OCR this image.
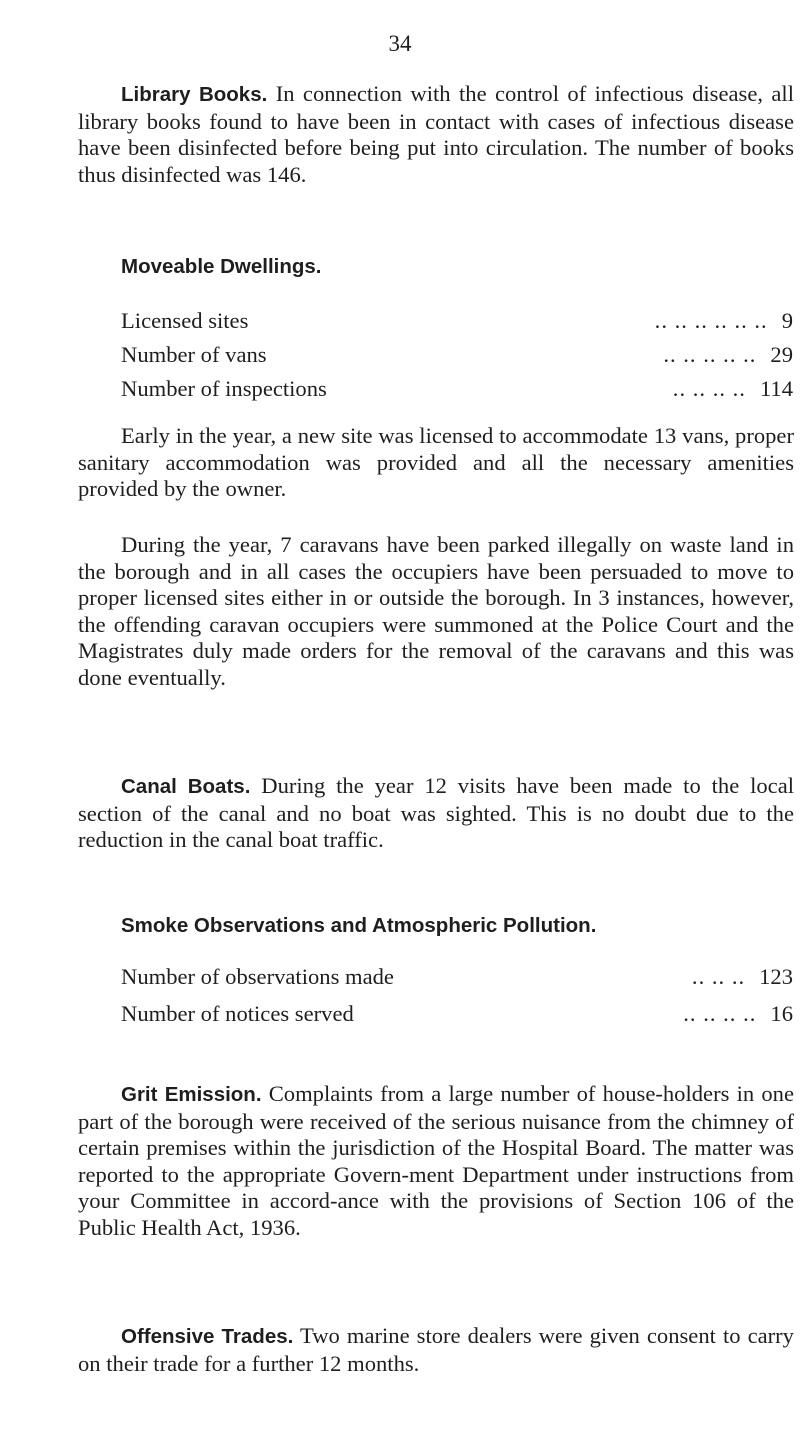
34

Library Books. In connection with the control of infectious disease, all library books found to have been in contact with cases of infectious disease have been disinfected before being put into circulation. The number of books thus disinfected was 146.

Moveable Dwellings.
Licensed sites	.. .. .. .. .. .. 9
Number of vans	.. .. .. .. .. 29
Number of inspections	.. .. .. .. 114

Early in the year, a new site was licensed to accommodate 13 vans, proper sanitary accommodation was provided and all the necessary amenities provided by the owner.

During the year, 7 caravans have been parked illegally on waste land in the borough and in all cases the occupiers have been persuaded to move to proper licensed sites either in or outside the borough. In 3 instances, however, the offending caravan occupiers were summoned at the Police Court and the Magistrates duly made orders for the removal of the caravans and this was done eventually.

Canal Boats. During the year 12 visits have been made to the local section of the canal and no boat was sighted. This is no doubt due to the reduction in the canal boat traffic.

Smoke Observations and Atmospheric Pollution.
Number of observations made	.. .. .. 123
Number of notices served	.. .. .. .. 16

Grit Emission. Complaints from a large number of house-holders in one part of the borough were received of the serious nuisance from the chimney of certain premises within the jurisdiction of the Hospital Board. The matter was reported to the appropriate Govern-ment Department under instructions from your Committee in accord-ance with the provisions of Section 106 of the Public Health Act, 1936.

Offensive Trades. Two marine store dealers were given consent to carry on their trade for a further 12 months.
